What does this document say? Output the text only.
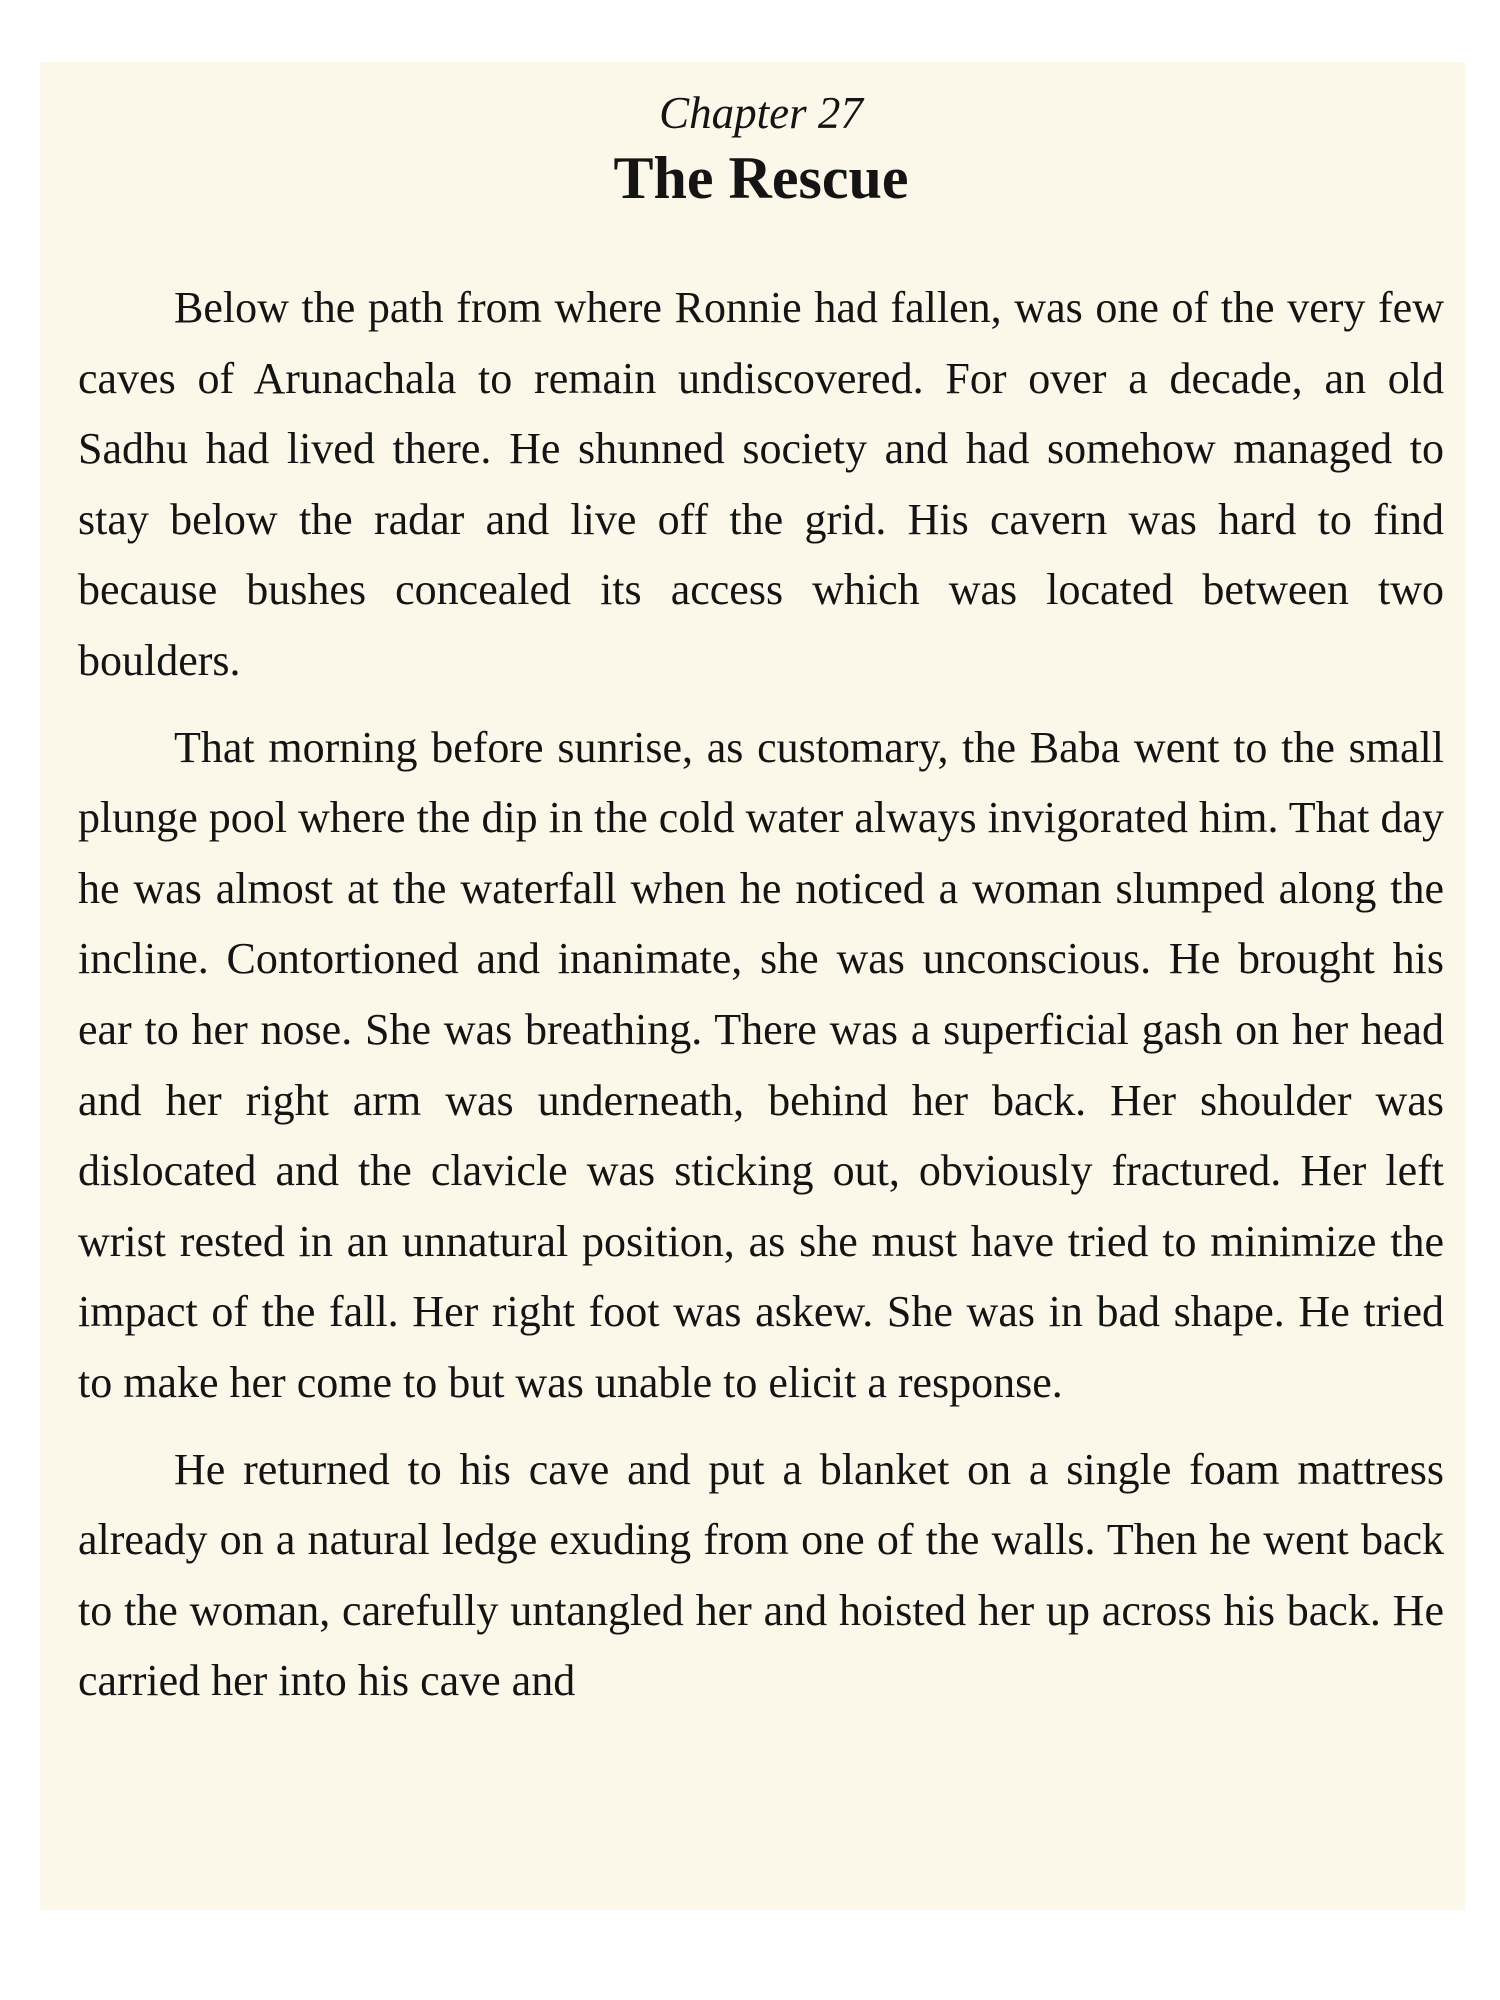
Chapter 27
The Rescue

Below the path from where Ronnie had fallen, was one of the very few caves of Arunachala to remain undiscovered. For over a decade, an old Sadhu had lived there. He shunned society and had somehow managed to stay below the radar and live off the grid. His cavern was hard to find because bushes concealed its access which was located between two boulders.

That morning before sunrise, as customary, the Baba went to the small plunge pool where the dip in the cold water always invigorated him. That day he was almost at the waterfall when he noticed a woman slumped along the incline. Contortioned and inanimate, she was unconscious. He brought his ear to her nose. She was breathing. There was a superficial gash on her head and her right arm was underneath, behind her back. Her shoulder was dislocated and the clavicle was sticking out, obviously fractured. Her left wrist rested in an unnatural position, as she must have tried to minimize the impact of the fall. Her right foot was askew. She was in bad shape. He tried to make her come to but was unable to elicit a response.

He returned to his cave and put a blanket on a single foam mattress already on a natural ledge exuding from one of the walls. Then he went back to the woman, carefully untangled her and hoisted her up across his back. He carried her into his cave and
